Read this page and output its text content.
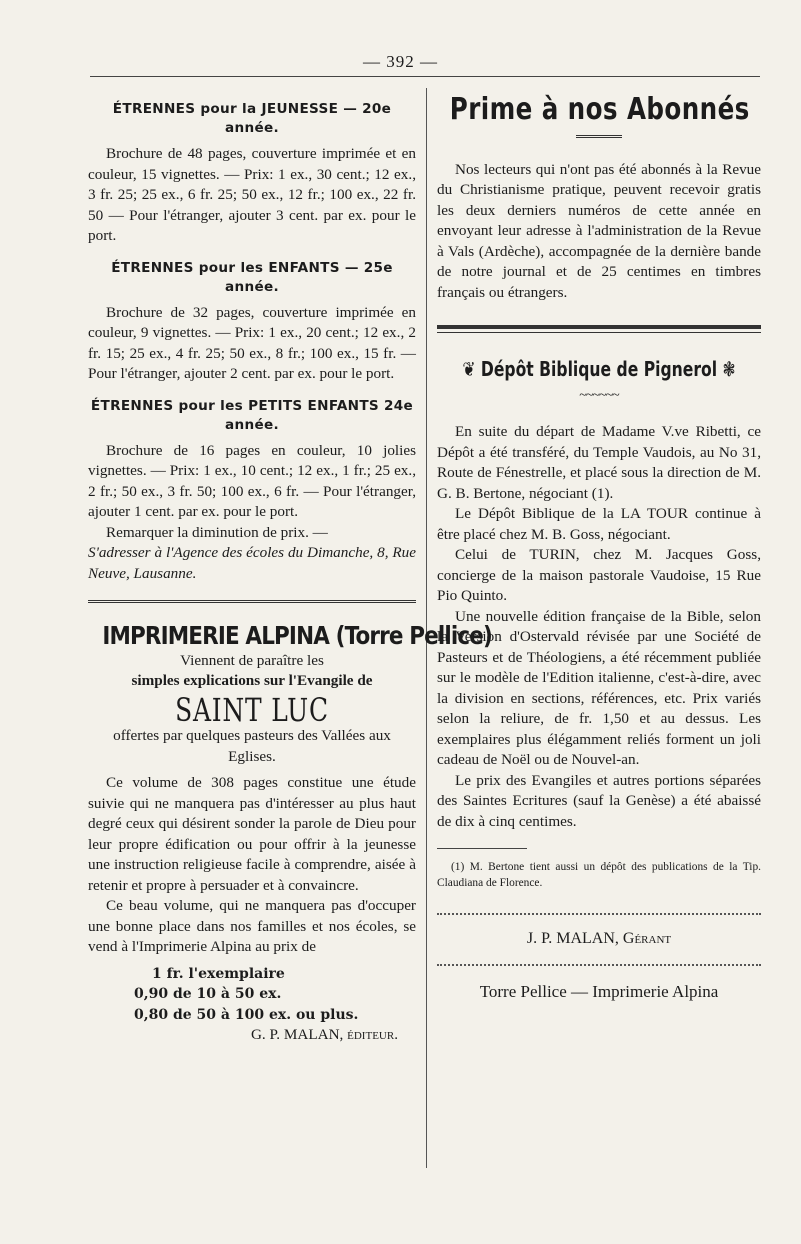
— 392 —
ÉTRENNES pour la JEUNESSE — 20e année.

Brochure de 48 pages, couverture imprimée et en couleur, 15 vignettes. — Prix: 1 ex., 30 cent.; 12 ex., 3 fr. 25; 25 ex., 6 fr. 25; 50 ex., 12 fr.; 100 ex., 22 fr. 50 — Pour l'étranger, ajouter 3 cent. par ex. pour le port.

ÉTRENNES pour les ENFANTS — 25e année.

Brochure de 32 pages, couverture imprimée en couleur, 9 vignettes. — Prix: 1 ex., 20 cent.; 12 ex., 2 fr. 15; 25 ex., 4 fr. 25; 50 ex., 8 fr.; 100 ex., 15 fr. — Pour l'étranger, ajouter 2 cent. par ex. pour le port.

ÉTRENNES pour les PETITS ENFANTS 24e année.

Brochure de 16 pages en couleur, 10 jolies vignettes. — Prix: 1 ex., 10 cent.; 12 ex., 1 fr.; 25 ex., 2 fr.; 50 ex., 3 fr. 50; 100 ex., 6 fr. — Pour l'étranger, ajouter 1 cent. par ex. pour le port.

Remarquer la diminution de prix. —

S'adresser à l'Agence des écoles du Dimanche, 8, Rue Neuve, Lausanne.

IMPRIMERIE ALPINA (Torre Pellice)

Viennent de paraître les

simples explications sur l'Evangile de

SAINT LUC

offertes par quelques pasteurs des Vallées aux Eglises.

Ce volume de 308 pages constitue une étude suivie qui ne manquera pas d'intéresser au plus haut degré ceux qui désirent sonder la parole de Dieu pour leur propre édification ou pour offrir à la jeunesse une instruction religieuse facile à comprendre, aisée à retenir et propre à persuader et à convaincre.

Ce beau volume, qui ne manquera pas d'occuper une bonne place dans nos familles et nos écoles, se vend à l'Imprimerie Alpina au prix de

1 fr. l'exemplaire

0,90 de 10 à 50 ex.

0,80 de 50 à 100 ex. ou plus.

G. P. MALAN, éditeur.

Prime à nos Abonnés

Nos lecteurs qui n'ont pas été abonnés à la Revue du Christianisme pratique, peuvent recevoir gratis les deux derniers numéros de cette année en envoyant leur adresse à l'administration de la Revue à Vals (Ardèche), accompagnée de la dernière bande de notre journal et de 25 centimes en timbres français ou étrangers.

❦ Dépôt Biblique de Pignerol ❃
~~~~~~

En suite du départ de Madame V.ve Ribetti, ce Dépôt a été transféré, du Temple Vaudois, au No 31, Route de Fénestrelle, et placé sous la direction de M. G. B. Bertone, négociant (1).

Le Dépôt Biblique de la LA TOUR continue à être placé chez M. B. Goss, négociant.

Celui de TURIN, chez M. Jacques Goss, concierge de la maison pastorale Vaudoise, 15 Rue Pio Quinto.

Une nouvelle édition française de la Bible, selon la Version d'Ostervald révisée par une Société de Pasteurs et de Théologiens, a été récemment publiée sur le modèle de l'Edition italienne, c'est-à-dire, avec la division en sections, références, etc. Prix variés selon la reliure, de fr. 1,50 et au dessus. Les exemplaires plus élégamment reliés forment un joli cadeau de Noël ou de Nouvel-an.

Le prix des Evangiles et autres portions séparées des Saintes Ecritures (sauf la Genèse) a été abaissé de dix à cinq centimes.

(1) M. Bertone tient aussi un dépôt des publications de la Tip. Claudiana de Florence.

J. P. MALAN, Gérant

Torre Pellice — Imprimerie Alpina
